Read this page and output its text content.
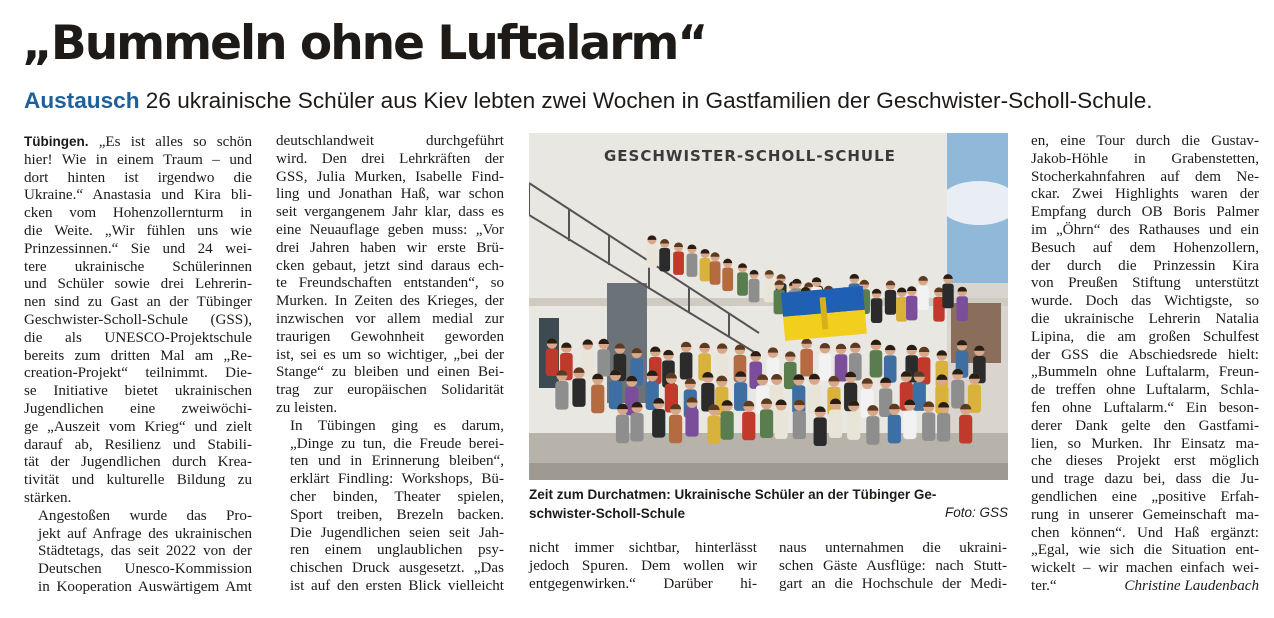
„Bummeln ohne Luftalarm“

Austausch 26 ukrainische Schüler aus Kiev lebten zwei Wochen in Gastfamilien der Geschwister-Scholl-Schule.

Tübingen. „Es ist alles so schön
hier! Wie in einem Traum – und
dort hinten ist irgendwo die
Ukraine.“ Anastasia und Kira bli-
cken vom Hohenzollernturm in
die Weite. „Wir fühlen uns wie
Prinzessinnen.“ Sie und 24 wei-
tere ukrainische Schülerinnen
und Schüler sowie drei Lehrerin-
nen sind zu Gast an der Tübinger
Geschwister-Scholl-Schule (GSS),
die als UNESCO-Projektschule
bereits zum dritten Mal am „Re-
creation-Projekt“ teilnimmt. Die-
se Initiative bietet ukrainischen
Jugendlichen eine zweiwöchi-
ge „Auszeit vom Krieg“ und zielt
darauf ab, Resilienz und Stabili-
tät der Jugendlichen durch Krea-
tivität und kulturelle Bildung zu
stärken.

Angestoßen wurde das Pro-
jekt auf Anfrage des ukrainischen
Städtetags, das seit 2022 von der
Deutschen Unesco-Kommission
in Kooperation Auswärtigem Amt

deutschlandweit durchgeführt
wird. Den drei Lehrkräften der
GSS, Julia Murken, Isabelle Find-
ling und Jonathan Haß, war schon
seit vergangenem Jahr klar, dass es
eine Neuauflage geben muss: „Vor
drei Jahren haben wir erste Brü-
cken gebaut, jetzt sind daraus ech-
te Freundschaften entstanden“, so
Murken. In Zeiten des Krieges, der
inzwischen vor allem medial zur
traurigen Gewohnheit geworden
ist, sei es um so wichtiger, „bei der
Stange“ zu bleiben und einen Bei-
trag zur europäischen Solidarität
zu leisten.

In Tübingen ging es darum,
„Dinge zu tun, die Freude berei-
ten und in Erinnerung bleiben“,
erklärt Findling: Workshops, Bü-
cher binden, Theater spielen,
Sport treiben, Brezeln backen.
Die Jugendlichen seien seit Jah-
ren einem unglaublichen psy-
chischen Druck ausgesetzt. „Das
ist auf den ersten Blick vielleicht

GESCHWISTER-SCHOLL-SCHULE
Zeit zum Durchatmen: Ukrainische Schüler an der Tübinger Ge-
schwister-Scholl-Schule	Foto: GSS
nicht immer sichtbar, hinterlässt
jedoch Spuren. Dem wollen wir
entgegenwirken.“ Darüber hi-
naus unternahmen die ukraini-
schen Gäste Ausflüge: nach Stutt-
gart an die Hochschule der Medi-

en, eine Tour durch die Gustav-
Jakob-Höhle in Grabenstetten,
Stocherkahnfahren auf dem Ne-
ckar. Zwei Highlights waren der
Empfang durch OB Boris Palmer
im „Öhrn“ des Rathauses und ein
Besuch auf dem Hohenzollern,
der durch die Prinzessin Kira
von Preußen Stiftung unterstützt
wurde. Doch das Wichtigste, so
die ukrainische Lehrerin Natalia
Lipina, die am großen Schulfest
der GSS die Abschiedsrede hielt:
„Bummeln ohne Luftalarm, Freun-
de treffen ohne Luftalarm, Schla-
fen ohne Luftalarm.“ Ein beson-
derer Dank gelte den Gastfami-
lien, so Murken. Ihr Einsatz ma-
che dieses Projekt erst möglich
und trage dazu bei, dass die Ju-
gendlichen eine „positive Erfah-
rung in unserer Gemeinschaft ma-
chen können“. Und Haß ergänzt:
„Egal, wie sich die Situation ent-
wickelt – wir machen einfach wei-
ter.“	Christine Laudenbach
